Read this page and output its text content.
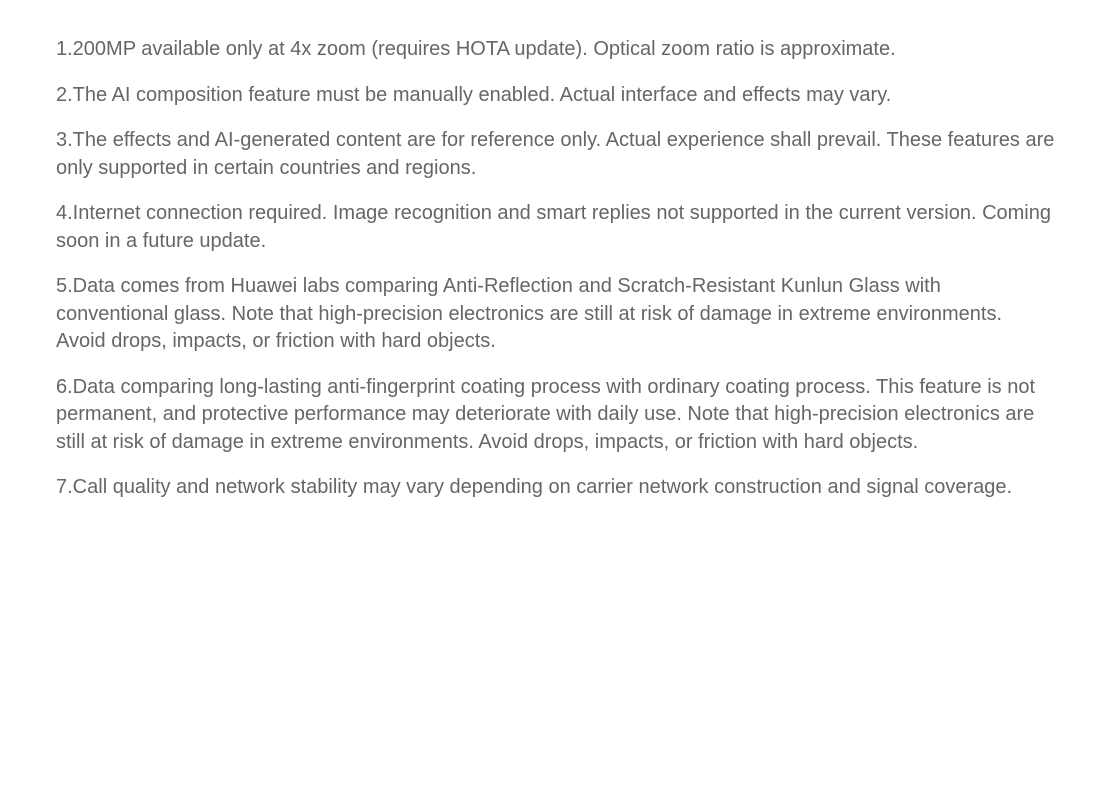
1.200MP available only at 4x zoom (requires HOTA update). Optical zoom ratio is approximate.
2.The AI composition feature must be manually enabled. Actual interface and effects may vary.
3.The effects and AI-generated content are for reference only. Actual experience shall prevail. These features are only supported in certain countries and regions.
4.Internet connection required. Image recognition and smart replies not supported in the current version. Coming soon in a future update.
5.Data comes from Huawei labs comparing Anti-Reflection and Scratch-Resistant Kunlun Glass with conventional glass. Note that high-precision electronics are still at risk of damage in extreme environments. Avoid drops, impacts, or friction with hard objects.
6.Data comparing long-lasting anti-fingerprint coating process with ordinary coating process. This feature is not permanent, and protective performance may deteriorate with daily use. Note that high-precision electronics are still at risk of damage in extreme environments. Avoid drops, impacts, or friction with hard objects.
7.Call quality and network stability may vary depending on carrier network construction and signal coverage.
